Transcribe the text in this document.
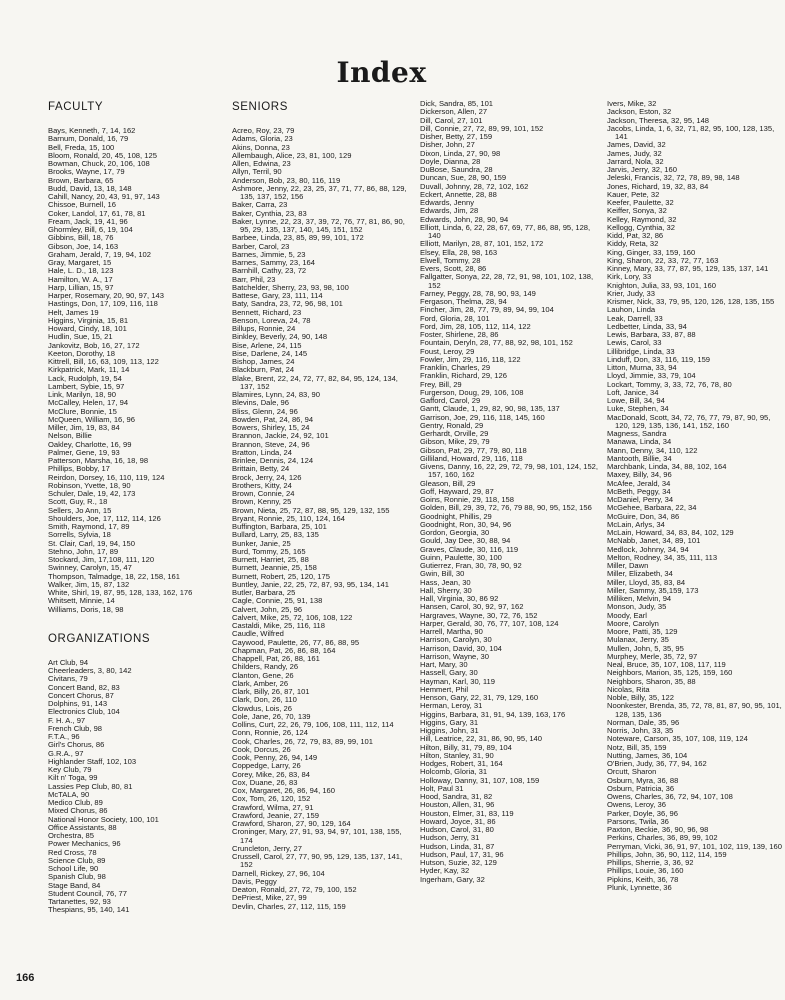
Index
FACULTY
Bays, Kenneth, 7, 14, 162
Barnum, Donald, 16, 79
Bell, Freda, 15, 100
Bloom, Ronald, 20, 45, 108, 125
Bowman, Chuck, 20, 106, 108
Brooks, Wayne, 17, 79
Brown, Barbara, 65
Budd, David, 13, 18, 148
Cahill, Nancy, 20, 43, 91, 97, 143
Chissoe, Burnell, 16
Coker, Landol, 17, 61, 78, 81
Fream, Jack, 19, 41, 96
Ghormley, Bill, 6, 19, 104
Gibbins, Bill, 18, 76
Gibson, Joe, 14, 163
Graham, Jerald, 7, 19, 94, 102
Gray, Margaret, 15
Hale, L. D., 18, 123
Hamilton, W. A., 17
Harp, Lillian, 15, 97
Harper, Rosemary, 20, 90, 97, 143
Hastings, Don, 17, 109, 116, 118
Helt, James 19
Higgins, Virginia, 15, 81
Howard, Cindy, 18, 101
Hudlin, Sue, 15, 21
Jankovitz, Bob, 16, 27, 172
Keeton, Dorothy, 18
Kittrell, Bill, 16, 63, 109, 113, 122
Kirkpatrick, Mark, 11, 14
Lack, Rudolph, 19, 54
Lambert, Sybie, 15, 97
Link, Marilyn, 18, 90
McCalley, Helen, 17, 94
McClure, Bonnie, 15
McQueen, William, 16, 96
Miller, Jim, 19, 83, 84
Nelson, Billie
Oakley, Charlotte, 16, 99
Palmer, Gene, 19, 93
Patterson, Marsha, 16, 18, 98
Phillips, Bobby, 17
Reirdon, Dorsey, 16, 110, 119, 124
Robinson, Yvette, 18, 90
Schuler, Dale, 19, 42, 173
Scott, Guy, R., 18
Sellers, Jo Ann, 15
Shoulders, Joe, 17, 112, 114, 126
Smith, Raymond, 17, 89
Sorrells, Sylvia, 18
St. Clair, Carl, 19, 94, 150
Stehno, John, 17, 89
Stockard, Jim, 17,108, 111, 120
Swinney, Carolyn, 15, 47
Thompson, Talmadge, 18, 22, 158, 161
Walker, Jim, 15, 87, 132
White, Shirl, 19, 87, 95, 128, 133, 162, 176
Whitsett, Minnie, 14
Williams, Doris, 18, 98
ORGANIZATIONS
Art Club, 94
Cheerleaders, 3, 80, 142
Civitans, 79
Concert Band, 82, 83
Concert Chorus, 87
Dolphins, 91, 143
Electronics Club, 104
F. H. A., 97
French Club, 98
F.T.A., 96
Girl's Chorus, 86
G.R.A., 97
Highlander Staff, 102, 103
Key Club, 79
Kilt n' Toga, 99
Lassies Pep Club, 80, 81
McTALA, 90
Medico Club, 89
Mixed Chorus, 86
National Honor Society, 100, 101
Office Assistants, 88
Orchestra, 85
Power Mechanics, 96
Red Cross, 78
Science Club, 89
School Life, 90
Spanish Club, 98
Stage Band, 84
Student Council, 76, 77
Tartanettes, 92, 93
Thespians, 95, 140, 141
SENIORS
Acreo, Roy, 23, 79
Adams, Gloria, 23
Akins, Donna, 23
Allembaugh, Alice, 23, 81, 100, 129
Allen, Edwina, 23
Allyn, Terril, 90
Anderson, Bob, 23, 80, 116, 119
Ashmore, Jenny, 22, 23, 25, 37, 71, 77, 86, 88, 129, 135, 137, 152, 156
Baker, Carra, 23
Baker, Cynthia, 23, 83
Baker, Lynne, 22, 23, 37, 39, 72, 76, 77, 81, 86, 90, 95, 29, 135, 137, 140, 145, 151, 152
Barbee, Linda, 23, 85, 89, 99, 101, 172
Barber, Carol, 23
Barnes, Jimmie, 5, 23
Barnes, Sammy, 23, 164
Barnhill, Cathy, 23, 72
Barr, Phil, 23
Batchelder, Sherry, 23, 93, 98, 100
Battese, Gary, 23, 111, 114
Baty, Sandra, 23, 72, 96, 98, 101
Bennett, Richard, 23
Benson, Loreva, 24, 78
Billups, Ronnie, 24
Binkley, Beverly, 24, 90, 148
Bise, Arlene, 24, 115
Bise, Darlene, 24, 145
Bishop, James, 24
Blackburn, Pat, 24
Blake, Brent, 22, 24, 72, 77, 82, 84, 95, 124, 134, 137, 152
Blamires, Lynn, 24, 83, 90
Blevins, Dale, 96
Bliss, Glenn, 24, 96
Bowden, Pat, 24, 86, 94
Bowers, Shirley, 15, 24
Brannon, Jackie, 24, 92, 101
Brannon, Steve, 24, 96
Bratton, Linda, 24
Brinlee, Dennis, 24, 124
Brittain, Betty, 24
Brock, Jerry, 24, 126
Brothers, Kitty, 24
Brown, Connie, 24
Brown, Kenny, 25
Brown, Nieta, 25, 72, 87, 88, 95, 129, 132, 155
Bryant, Ronnie, 25, 110, 124, 164
Buffington, Barbara, 25, 101
Bullard, Larry, 25, 83, 135
Bunker, Janie, 25
Burd, Tommy, 25, 165
Burnett, Harriet, 25, 88
Burnett, Jeannie, 25, 158
Burnett, Robert, 25, 120, 175
Buntley, Janie, 22, 25, 72, 87, 93, 95, 134, 141
Butler, Barbara, 25
Cagle, Connie, 25, 91, 138
Calvert, John, 25, 96
Calvert, Mike, 25, 72, 106, 108, 122
Castaldi, Mike, 25, 116, 118
Caudle, Wilfred
Caywood, Paulette, 26, 77, 86, 88, 95
Chapman, Pat, 26, 86, 88, 164
Chappell, Pat, 26, 88, 161
Childers, Randy, 26
Clanton, Gene, 26
Clark, Amber, 26
Clark, Billy, 26, 87, 101
Clark, Don, 26, 110
Clowdus, Lois, 26
Cole, Jane, 26, 70, 139
Collins, Curt, 22, 26, 79, 106, 108, 111, 112, 114
Conn, Ronnie, 26, 124
Cook, Charles, 26, 72, 79, 83, 89, 99, 101
Cook, Dorcus, 26
Cook, Penny, 26, 94, 149
Coppedge, Larry, 26
Corey, Mike, 26, 83, 84
Cox, Duane, 26, 83
Cox, Margaret, 26, 86, 94, 160
Cox, Tom, 26, 120, 152
Crawford, Wilma, 27, 91
Crawford, Jeanie, 27, 159
Crawford, Sharon, 27, 90, 129, 164
Croninger, Mary, 27, 91, 93, 94, 97, 101, 138, 155, 174
Cruncleton, Jerry, 27
Crussell, Carol, 27, 77, 90, 95, 129, 135, 137, 141, 152
Darnell, Rickey, 27, 96, 104
Davis, Peggy
Deaton, Ronald, 27, 72, 79, 100, 152
DePriest, Mike, 27, 99
Devlin, Charles, 27, 112, 115, 159
Dick, Sandra, 85, 101
Dickerson, Allen, 27
Dill, Carol, 27, 101
Dill, Connie, 27, 72, 89, 99, 101, 152
Disher, Betty, 27, 159
Disher, John, 27
Dixon, Linda, 27, 90, 98
Doyle, Dianna, 28
DuBose, Saundra, 28
Duncan, Sue, 28, 90, 159
Duvall, Johnny, 28, 72, 102, 162
Eckert, Annette, 28, 88
Edwards, Jenny
Edwards, Jim, 28
Edwards, John, 28, 90, 94
Elliott, Linda, 6, 22, 28, 67, 69, 77, 86, 88, 95, 128, 140
Elliott, Marilyn, 28, 87, 101, 152, 172
Elsey, Ella, 28, 98, 163
Elwell, Tommy, 28
Evers, Scott, 28, 86
Fallgatter, Sonya, 22, 28, 72, 91, 98, 101, 102, 138, 152
Farney, Peggy, 28, 78, 90, 93, 149
Fergason, Thelma, 28, 94
Fincher, Jim, 28, 77, 79, 89, 94, 99, 104
Ford, Gloria, 28, 101
Ford, Jim, 28, 105, 112, 114, 122
Foster, Shirlene, 28, 86
Fountain, Deryln, 28, 77, 88, 92, 98, 101, 152
Foust, Leroy, 29
Fowler, Jim, 29, 116, 118, 122
Franklin, Charles, 29
Franklin, Richard, 29, 126
Frey, Bill, 29
Furgerson, Doug, 29, 106, 108
Gafford, Carol, 29
Gantt, Claude, 1, 29, 82, 90, 98, 135, 137
Garrison, Joe, 29, 116, 118, 145, 160
Gentry, Ronald, 29
Gerhardt, Orville, 29
Gibson, Mike, 29, 79
Gibson, Pat, 29, 77, 79, 80, 118
Gilliland, Howard, 29, 116, 118
Givens, Danny, 16, 22, 29, 72, 79, 98, 101, 124, 152, 157, 160, 162
Gleason, Bill, 29
Goff, Hayward, 29, 87
Goins, Ronnie, 29, 118, 158
Golden, Bill, 29, 39, 72, 76, 79 88, 90, 95, 152, 156
Goodnight, Phillis, 29
Goodnight, Ron, 30, 94, 96
Gordon, Georgia, 30
Gould, Jay Dee, 30, 88, 94
Graves, Claude, 30, 116, 119
Guinn, Paulette, 30, 100
Gutierrez, Fran, 30, 78, 90, 92
Gwin, Bill, 30
Hass, Jean, 30
Hall, Sherry, 30
Hall, Virginia, 30, 86 92
Hansen, Carol, 30, 92, 97, 162
Hargraves, Wayne, 30, 72, 76, 152
Harper, Gerald, 30, 76, 77, 107, 108, 124
Harrell, Martha, 90
Harrison, Carolyn, 30
Harrison, David, 30, 104
Harrison, Wayne, 30
Hart, Mary, 30
Hassell, Gary, 30
Hayman, Karl, 30, 119
Hemmert, Phil
Henson, Gary, 22, 31, 79, 129, 160
Herman, Leroy, 31
Higgins, Barbara, 31, 91, 94, 139, 163, 176
Higgins, Gary, 31
Higgins, John, 31
Hill, Leatrice, 22, 31, 86, 90, 95, 140
Hilton, Billy, 31, 79, 89, 104
Hilton, Stanley, 31, 90
Hodges, Robert, 31, 164
Holcomb, Gloria, 31
Holloway, Danny, 31, 107, 108, 159
Holt, Paul 31
Hood, Sandra, 31, 82
Houston, Allen, 31, 96
Houston, Elmer, 31, 83, 119
Howard, Joyce, 31, 86
Hudson, Carol, 31, 80
Hudson, Jerry, 31
Hudson, Linda, 31, 87
Hudson, Paul, 17, 31, 96
Hutson, Suzie, 32, 129
Hyder, Kay, 32
Ingerham, Gary, 32
Ivers, Mike, 32
Jackson, Eston, 32
Jackson, Theresa, 32, 95, 148
Jacobs, Linda, 1, 6, 32, 71, 82, 95, 100, 128, 135, 141
James, David, 32
James, Judy, 32
Jarrard, Nola, 32
Jarvis, Jerry, 32, 160
Jeleski, Francis, 32, 72, 78, 89, 98, 148
Jones, Richard, 19, 32, 83, 84
Kauer, Pete, 32
Keefer, Paulette, 32
Keiffer, Sonya, 32
Kelley, Raymond, 32
Kellogg, Cynthia, 32
Kidd, Pat, 32, 86
Kiddy, Reta, 32
King, Ginger, 33, 159, 160
King, Sharon, 22, 33, 72, 77, 163
Kinney, Mary, 33, 77, 87, 95, 129, 135, 137, 141
Kirk, Lory, 33
Knighton, Julia, 33, 93, 101, 160
Krier, Judy, 33
Krismer, Nick, 33, 79, 95, 120, 126, 128, 135, 155
Lauhon, Linda
Leak, Darrell, 33
Ledbetter, Linda, 33, 94
Lewis, Barbara, 33, 87, 88
Lewis, Carol, 33
Lillibridge, Linda, 33
Linduff, Don, 33, 116, 119, 159
Litton, Murna, 33, 94
Lloyd, Jimmie, 33, 79, 104
Lockart, Tommy, 3, 33, 72, 76, 78, 80
Loft, Janice, 34
Lowe, Bill, 34, 94
Luke, Stephen, 34
MacDonald, Scott, 34, 72, 76, 77, 79, 87, 90, 95, 120, 129, 135, 136, 141, 152, 160
Magness, Sandra
Manawa, Linda, 34
Mann, Denny, 34, 110, 122
Mantooth, Billie, 34
Marchbank, Linda, 34, 88, 102, 164
Maxey, Billy, 34, 96
McAfee, Jerald, 34
McBeth, Peggy, 34
McDaniel, Perry, 34
McGehee, Barbara, 22, 34
McGuire, Don, 34, 86
McLain, Arlys, 34
McLain, Howard, 34, 83, 84, 102, 129
McNabb, Janet, 34, 89, 101
Medlock, Johnny, 34, 94
Melton, Rodney, 34, 35, 111, 113
Miller, Dawn
Miller, Elizabeth, 34
Miller, Lloyd, 35, 83, 84
Miller, Sammy, 35,159, 173
Milliken, Melvin, 94
Monson, Judy, 35
Moody, Earl
Moore, Carolyn
Moore, Patti, 35, 129
Mulanax, Jerry, 35
Mullen, John, 5, 35, 95
Murphey, Merle, 35, 72, 97
Neal, Bruce, 35, 107, 108, 117, 119
Neighbors, Marion, 35, 125, 159, 160
Neighbors, Sharon, 35, 88
Nicolas, Rita
Noble, Billy, 35, 122
Noonkester, Brenda, 35, 72, 78, 81, 87, 90, 95, 101, 128, 135, 136
Norman, Dale, 35, 96
Norris, John, 33, 35
Noteware, Carson, 35, 107, 108, 119, 124
Notz, Bill, 35, 159
Nutting, James, 36, 104
O'Brien, Judy, 36, 77, 94, 162
Orcutt, Sharon
Osburn, Myra, 36, 88
Osburn, Patricia, 36
Owens, Charles, 36, 72, 94, 107, 108
Owens, Leroy, 36
Parker, Doyle, 36, 96
Parsons, Twila, 36
Paxton, Beckie, 36, 90, 96, 98
Perkins, Charles, 36, 89, 99, 102
Perryman, Vicki, 36, 91, 97, 101, 102, 119, 139, 160
Phillips, John, 36, 90, 112, 114, 159
Phillips, Sherrie, 3, 36, 92
Phillips, Louie, 36, 160
Pipkins, Keith, 36, 78
Plunk, Lynnette, 36
166
